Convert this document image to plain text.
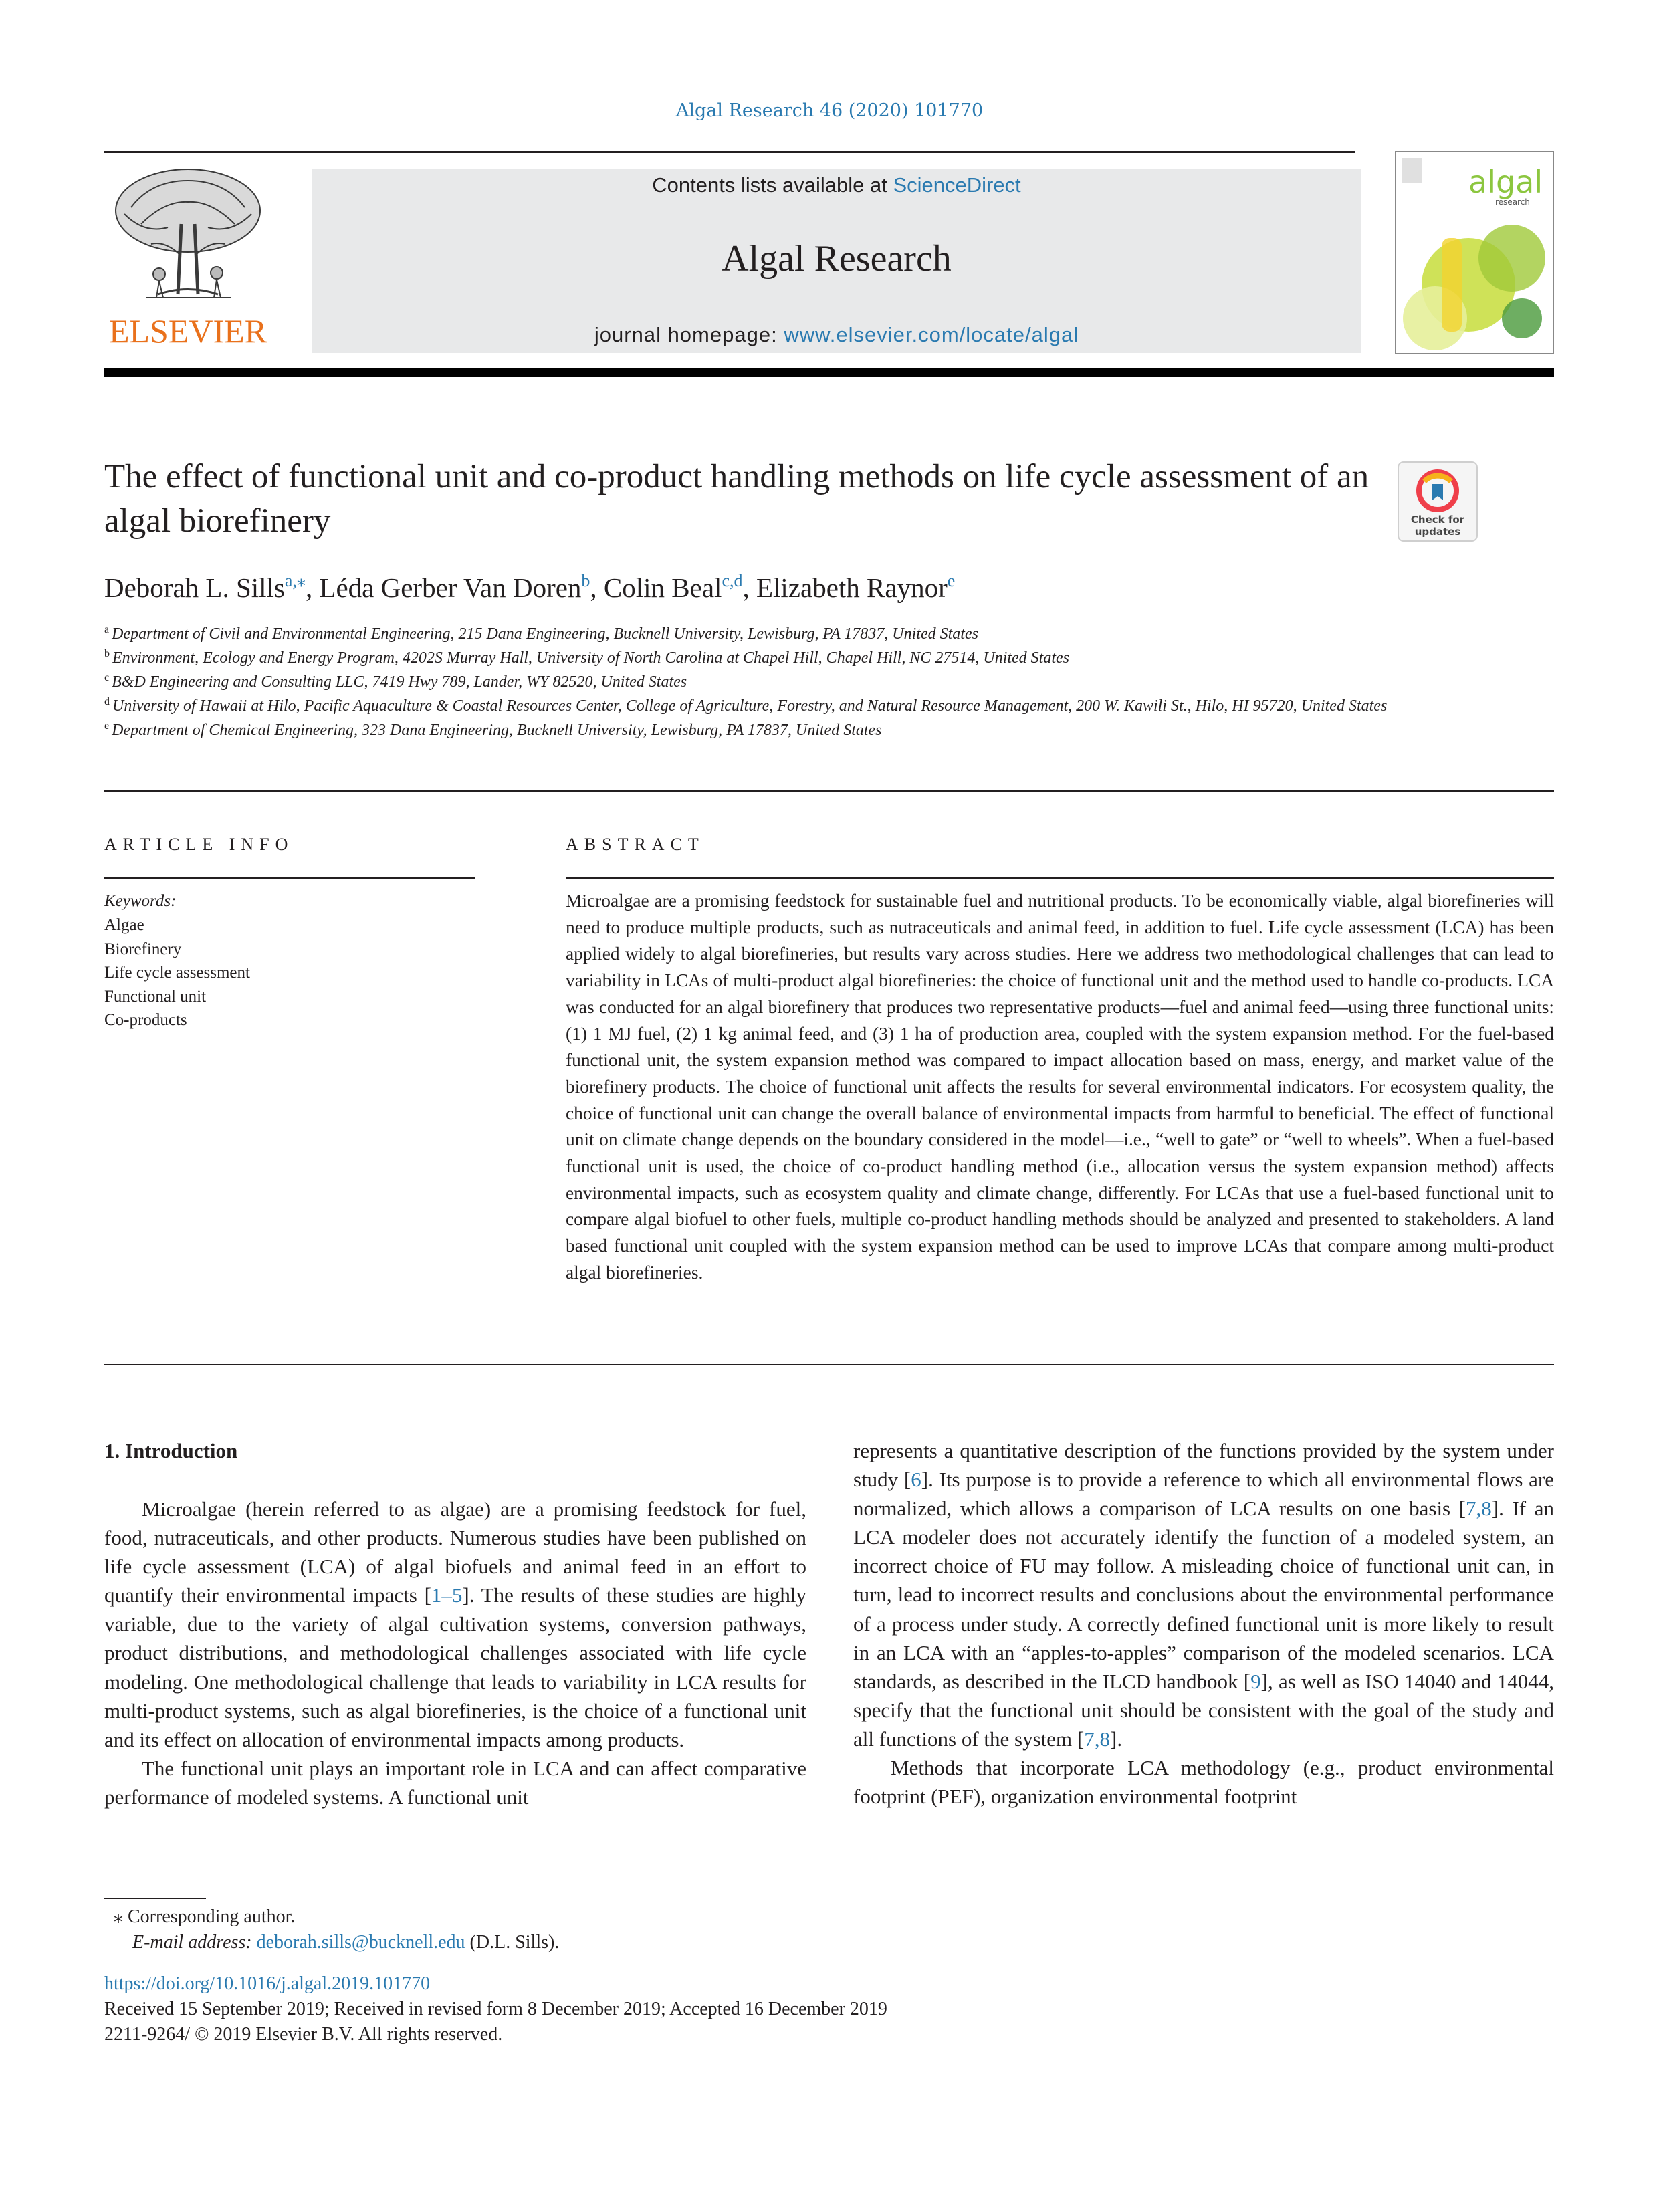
Algal Research 46 (2020) 101770
ELSEVIER
Contents lists available at ScienceDirect
Algal Research
journal homepage: www.elsevier.com/locate/algal
algal
research
The effect of functional unit and co-product handling methods on life cycle assessment of an algal biorefinery	Check for
updates
Deborah L. Sills$^{a,⁎}$, Léda Gerber Van Doren$^b$, Colin Beal$^{c,d}$, Elizabeth Raynor$^e$
$^a$ Department of Civil and Environmental Engineering, 215 Dana Engineering, Bucknell University, Lewisburg, PA 17837, United States
$^b$ Environment, Ecology and Energy Program, 4202S Murray Hall, University of North Carolina at Chapel Hill, Chapel Hill, NC 27514, United States
$^c$ B&D Engineering and Consulting LLC, 7419 Hwy 789, Lander, WY 82520, United States
$^d$ University of Hawaii at Hilo, Pacific Aquaculture & Coastal Resources Center, College of Agriculture, Forestry, and Natural Resource Management, 200 W. Kawili St., Hilo, HI 95720, United States
$^e$ Department of Chemical Engineering, 323 Dana Engineering, Bucknell University, Lewisburg, PA 17837, United States
ARTICLE INFO
Keywords:
Algae
Biorefinery
Life cycle assessment
Functional unit
Co-products
ABSTRACT
Microalgae are a promising feedstock for sustainable fuel and nutritional products. To be economically viable, algal biorefineries will need to produce multiple products, such as nutraceuticals and animal feed, in addition to fuel. Life cycle assessment (LCA) has been applied widely to algal biorefineries, but results vary across studies. Here we address two methodological challenges that can lead to variability in LCAs of multi-product algal biorefineries: the choice of functional unit and the method used to handle co-products. LCA was conducted for an algal biorefinery that produces two representative products—fuel and animal feed—using three functional units: (1) 1 MJ fuel, (2) 1 kg animal feed, and (3) 1 ha of production area, coupled with the system expansion method. For the fuel-based functional unit, the system expansion method was compared to impact allocation based on mass, energy, and market value of the biorefinery products. The choice of functional unit affects the results for several environmental indicators. For ecosystem quality, the choice of functional unit can change the overall balance of environmental impacts from harmful to beneficial. The effect of functional unit on climate change depends on the boundary considered in the model—i.e., “well to gate” or “well to wheels”. When a fuel-based functional unit is used, the choice of co-product handling method (i.e., allocation versus the system expansion method) affects environmental impacts, such as ecosystem quality and climate change, differently. For LCAs that use a fuel-based functional unit to compare algal biofuel to other fuels, multiple co-product handling methods should be analyzed and presented to stakeholders. A land based functional unit coupled with the system expansion method can be used to improve LCAs that compare among multi-product algal biorefineries.
1. Introduction

Microalgae (herein referred to as algae) are a promising feedstock for fuel, food, nutraceuticals, and other products. Numerous studies have been published on life cycle assessment (LCA) of algal biofuels and animal feed in an effort to quantify their environmental impacts [1–5]. The results of these studies are highly variable, due to the variety of algal cultivation systems, conversion pathways, product distributions, and methodological challenges associated with life cycle modeling. One methodological challenge that leads to variability in LCA results for multi-product systems, such as algal biorefineries, is the choice of a functional unit and its effect on allocation of environmental impacts among products.

The functional unit plays an important role in LCA and can affect comparative performance of modeled systems. A functional unit

represents a quantitative description of the functions provided by the system under study [6]. Its purpose is to provide a reference to which all environmental flows are normalized, which allows a comparison of LCA results on one basis [7,8]. If an LCA modeler does not accurately identify the function of a modeled system, an incorrect choice of FU may follow. A misleading choice of functional unit can, in turn, lead to incorrect results and conclusions about the environmental performance of a process under study. A correctly defined functional unit is more likely to result in an LCA with an “apples-to-apples” comparison of the modeled scenarios. LCA standards, as described in the ILCD handbook [9], as well as ISO 14040 and 14044, specify that the functional unit should be consistent with the goal of the study and all functions of the system [7,8].

Methods that incorporate LCA methodology (e.g., product environmental footprint (PEF), organization environmental footprint

⁎ Corresponding author.
E-mail address: deborah.sills@bucknell.edu (D.L. Sills).
https://doi.org/10.1016/j.algal.2019.101770
Received 15 September 2019; Received in revised form 8 December 2019; Accepted 16 December 2019
2211-9264/ © 2019 Elsevier B.V. All rights reserved.
